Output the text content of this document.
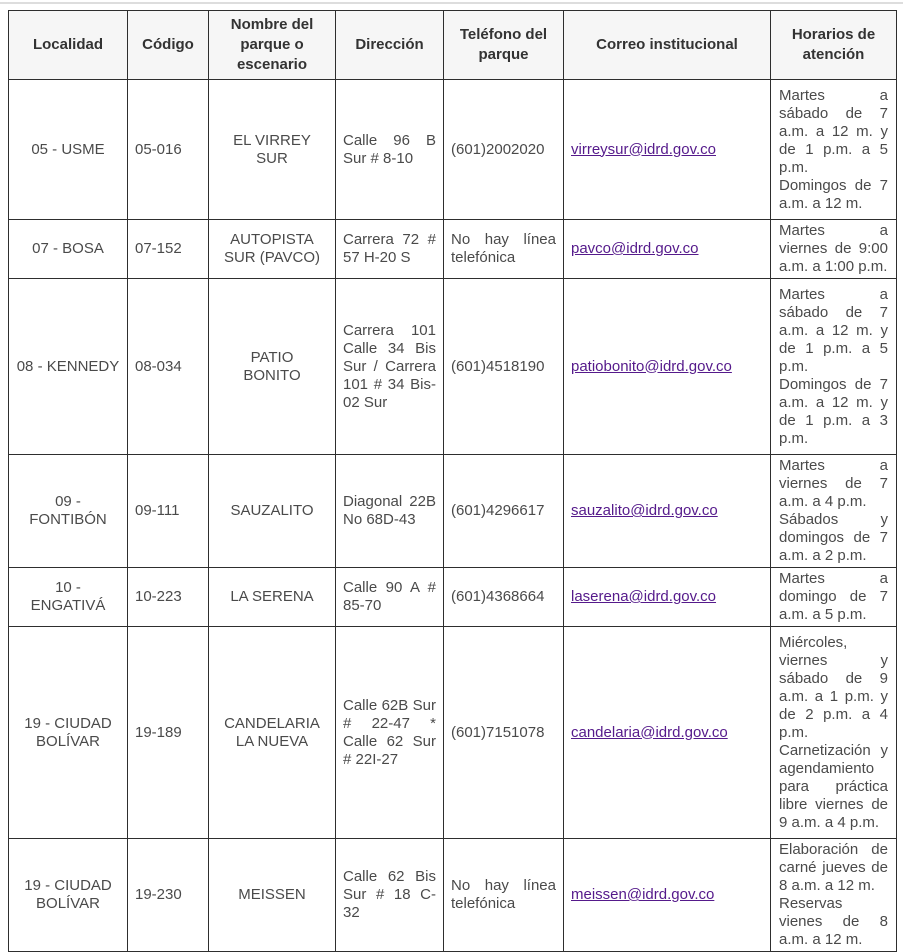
Localidad	Código	Nombre del parque o escenario	Dirección	Teléfono del parque	Correo institucional	Horarios de atención
05 - USME	05-016	EL VIRREY SUR	Calle 96 B Sur # 8-10	(601)2002020	virreysur@idrd.gov.co	Martes a sábado de 7 a.m. a 12 m. y de 1 p.m. a 5 p.m.
Domingos de 7 a.m. a 12 m.
07 - BOSA	07-152	AUTOPISTA SUR (PAVCO)	Carrera 72 # 57 H-20 S	No hay línea telefónica	pavco@idrd.gov.co	Martes a viernes de 9:00 a.m. a 1:00 p.m.
08 - KENNEDY	08-034	PATIO BONITO	Carrera 101 Calle 34 Bis Sur / Carrera 101 # 34 Bis-02 Sur	(601)4518190	patiobonito@idrd.gov.co	Martes a sábado de 7 a.m. a 12 m. y de 1 p.m. a 5 p.m.
Domingos de 7 a.m. a 12 m. y de 1 p.m. a 3 p.m.
09 - FONTIBÓN	09-111	SAUZALITO	Diagonal 22B No 68D-43	(601)4296617	sauzalito@idrd.gov.co	Martes a viernes de 7 a.m. a 4 p.m.
Sábados y domingos de 7 a.m. a 2 p.m.
10 - ENGATIVÁ	10-223	LA SERENA	Calle 90 A # 85-70	(601)4368664	laserena@idrd.gov.co	Martes a domingo de 7 a.m. a 5 p.m.
19 - CIUDAD BOLÍVAR	19-189	CANDELARIA LA NUEVA	Calle 62B Sur # 22-47 * Calle 62 Sur # 22I-27	(601)7151078	candelaria@idrd.gov.co	Miércoles, viernes y sábado de 9 a.m. a 1 p.m. y de 2 p.m. a 4 p.m.
Carnetización y agendamiento para práctica libre viernes de 9 a.m. a 4 p.m.
19 - CIUDAD BOLÍVAR	19-230	MEISSEN	Calle 62 Bis Sur # 18 C-32	No hay línea telefónica	meissen@idrd.gov.co	Elaboración de carné jueves de 8 a.m. a 12 m.
Reservas
vienes de 8 a.m. a 12 m.
